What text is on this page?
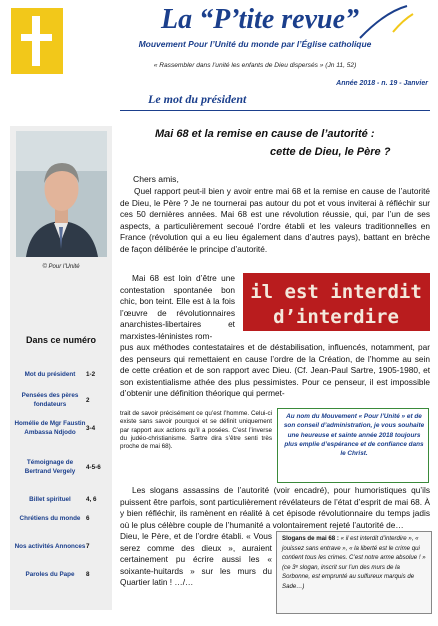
La “P’tite revue”
Mouvement Pour l’Unité du monde par l’Église catholique
« Rassembler dans l’unité les enfants de Dieu dispersés » (Jn 11, 52)
Année 2018 - n. 19 - Janvier
Le mot du président
© Pour l’Unité
Dans ce numéro
Mot du président 1-2
Pensées des pères fondateurs2
Homélie de Mgr Faustin Ambassa Ndjodo3-4
Témoignage de Bertrand Vergely4-5-6
Billet spirituel 4, 6
Chrétiens du monde 6
Nos activités Annonces7
Paroles du Pape 8
Mai 68 et la remise en cause de l’autorité :
cette de Dieu, le Père ?
Chers amis,
Quel rapport peut-il bien y avoir entre mai 68 et la remise en cause de l’autorité de Dieu, le Père ? Je ne tournerai pas autour du pot et vous inviterai à réfléchir sur ces 50 dernières années. Mai 68 est une révolution réussie, qui, par l’un de ses aspects, a particulièrement secoué l’ordre établi et les valeurs traditionnelles en France (révolution qui a eu lieu également dans d’autres pays), battant en brèche de façon délibérée le principe d’autorité.
Mai 68 est loin d’être une contestation spontanée bon chic, bon teint. Elle est à la fois l’œuvre de révolutionnaires anarchistes-libertaires et marxistes-léninistes rom-
il est interdit
d’interdire
pus aux méthodes contestataires et de déstabilisation, influencés, notamment, par des penseurs qui remettaient en cause l’ordre de la Création, de l’homme au sein de cette création et de son rapport avec Dieu. (Cf. Jean-Paul Sartre, 1905-1980, et son existentialisme athée des plus pessimistes. Pour ce penseur, il est impossible d’obtenir une définition théorique qui permet-
trait de savoir précisément ce qu’est l’homme. Celui-ci existe sans savoir pourquoi et se définit uniquement par rapport aux actions qu’il a posées. C’est l’inverse du judéo-christianisme. Sartre dira s’être senti très proche de mai 68).
Au nom du Mouvement « Pour l’Unité » et de son conseil d’administration, je vous souhaite une heureuse et sainte année 2018 toujours plus emplie d’espérance et de confiance dans le Christ.
Les slogans assassins de l’autorité (voir encadré), pour humoristiques qu’ils puissent être parfois, sont particulièrement révélateurs de l’état d’esprit de mai 68. À y bien réfléchir, ils ramènent en réalité à cet épisode révolutionnaire du temps jadis où le plus célèbre couple de l’humanité a volontairement rejeté l’autorité de…
Dieu, le Père, et de l’ordre établi. « Vous serez comme des dieux », auraient certainement pu écrire aussi les « soixante-huitards » sur les murs du Quartier latin ! …/…
Slogans de mai 68 : « il est interdit d’interdire », « jouissez sans entrave », « la liberté est le crime qui contient tous les crimes. C’est notre arme absolue ! » (ce 3ᵉ slogan, inscrit sur l’un des murs de la Sorbonne, est emprunté au sulfureux marquis de Sade…)
